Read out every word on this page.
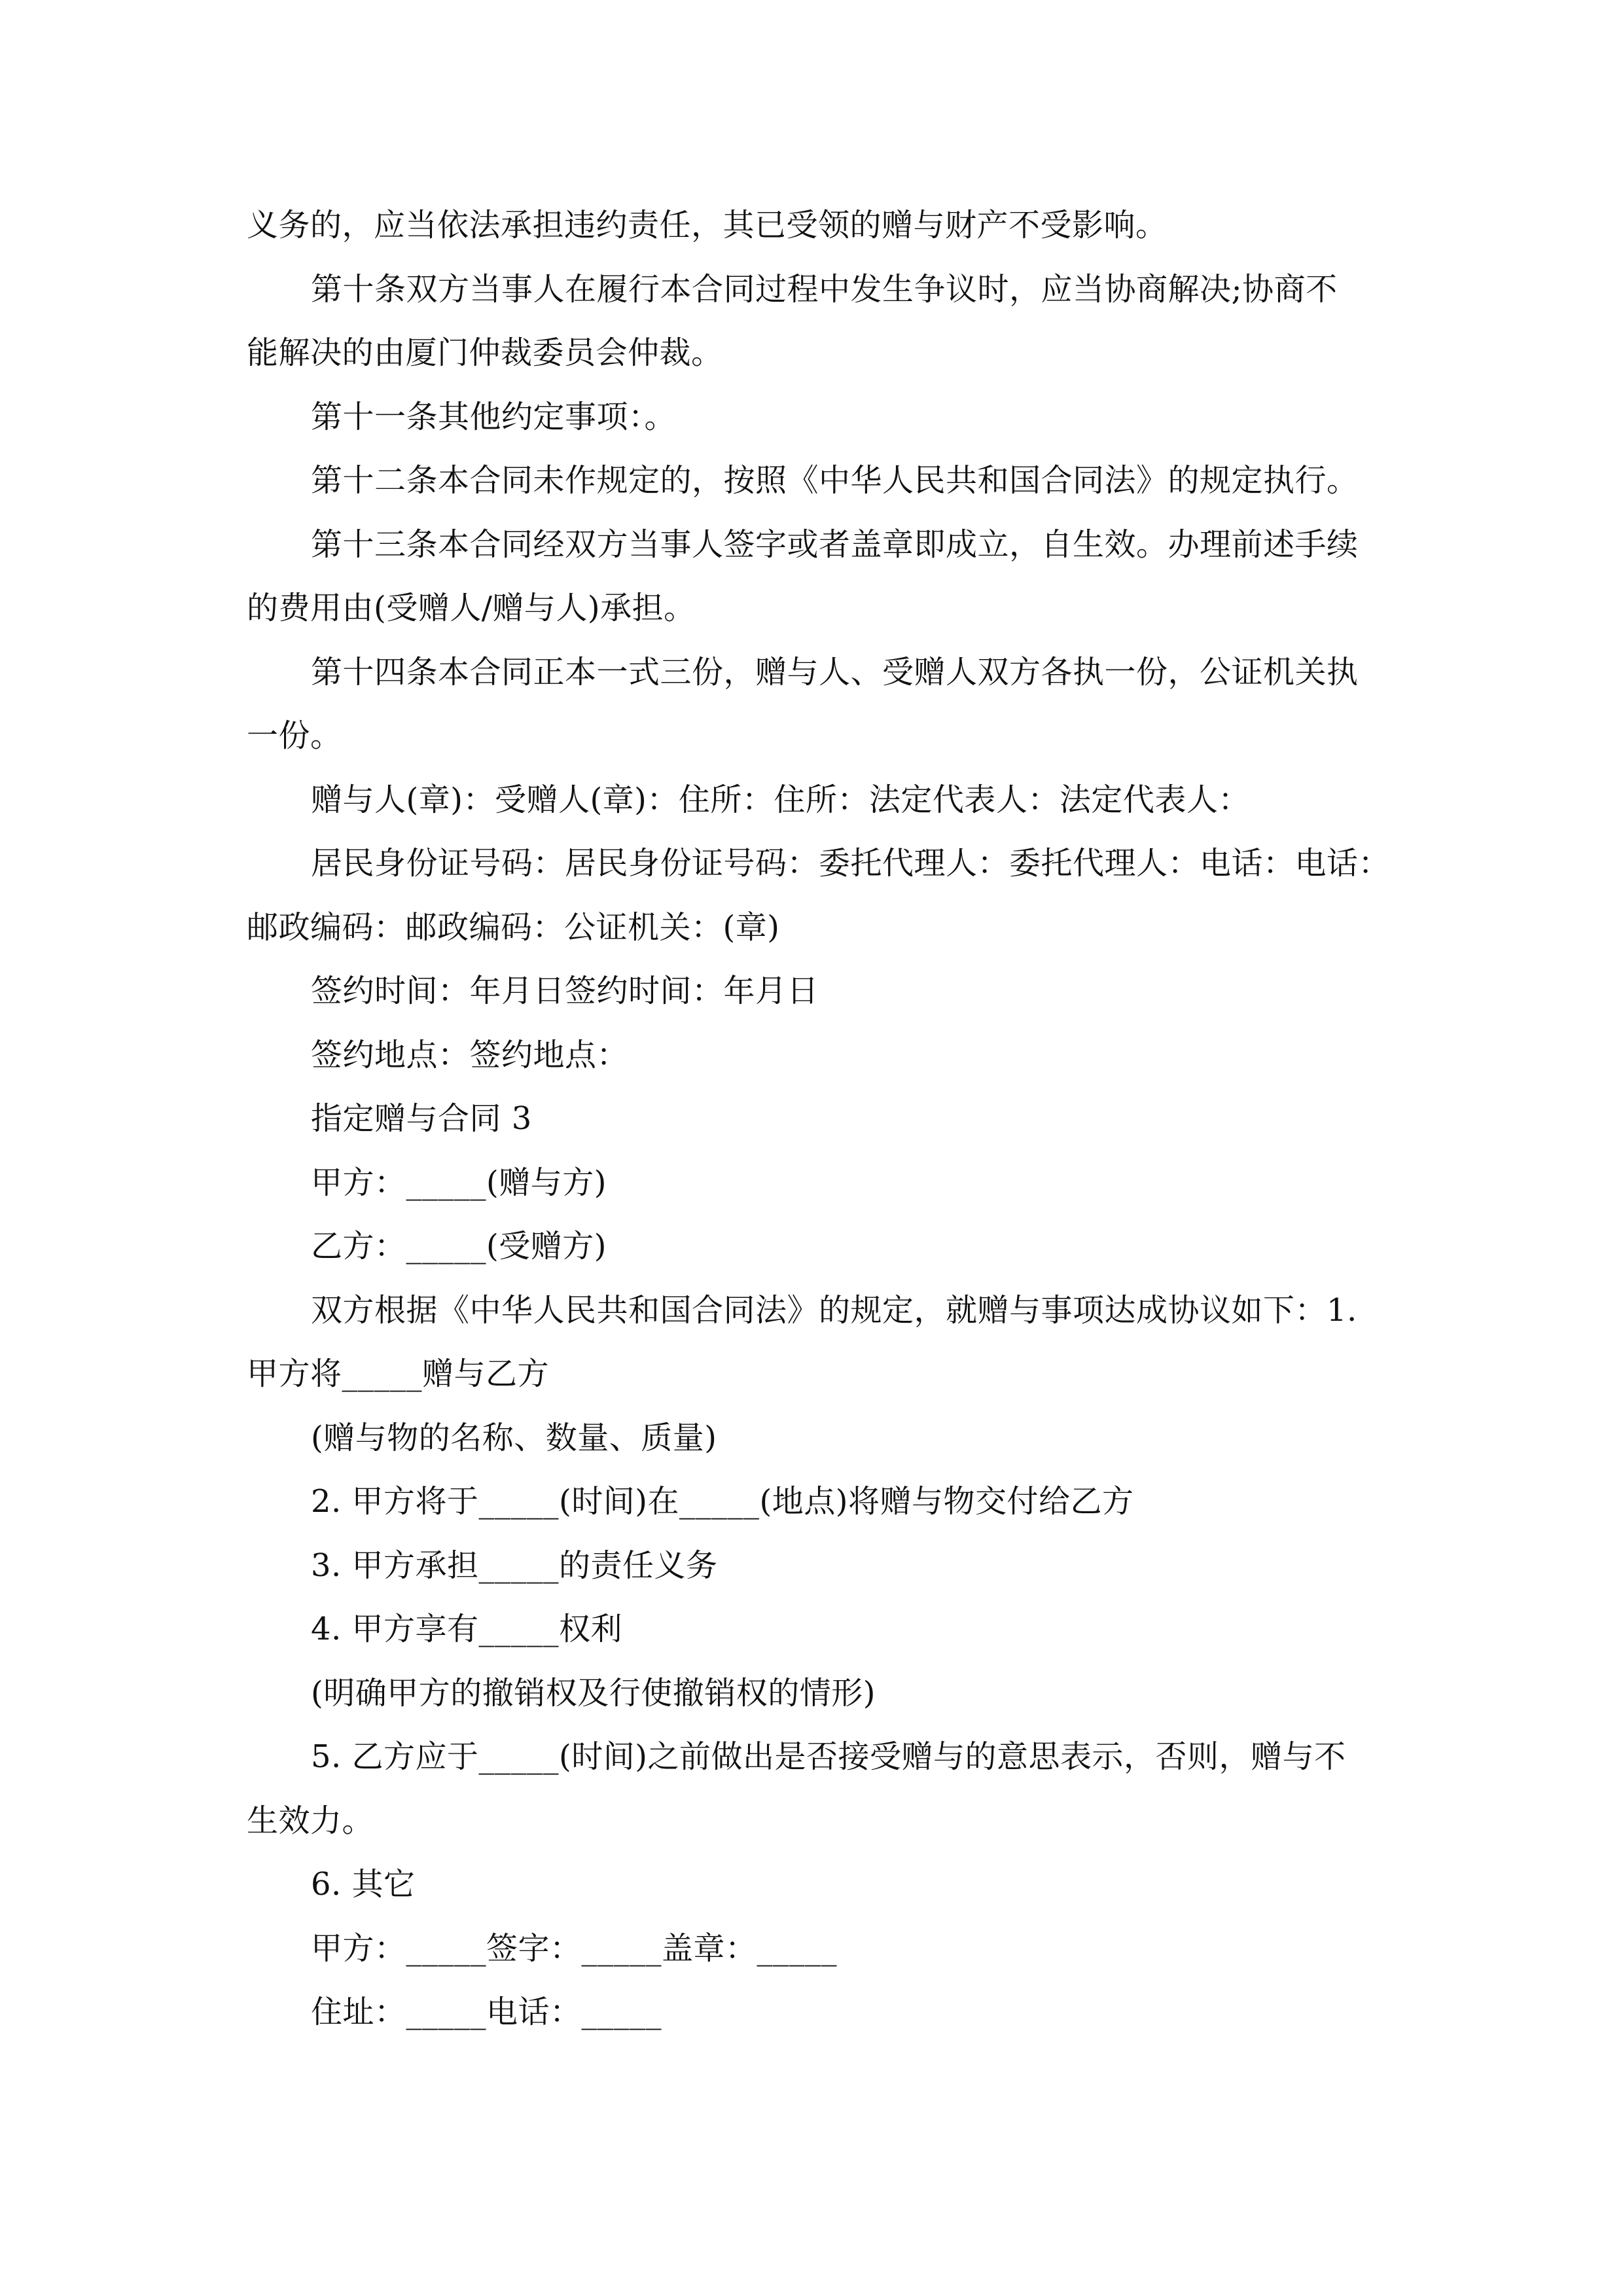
义务的，应当依法承担违约责任，其已受领的赠与财产不受影响。
第十条双方当事人在履行本合同过程中发生争议时，应当协商解决;协商不
能解决的由厦门仲裁委员会仲裁。
第十一条其他约定事项：。
第十二条本合同未作规定的，按照《中华人民共和国合同法》的规定执行。
第十三条本合同经双方当事人签字或者盖章即成立，自生效。办理前述手续
的费用由(受赠人/赠与人)承担。
第十四条本合同正本一式三份，赠与人、受赠人双方各执一份，公证机关执
一份。
赠与人(章)：受赠人(章)：住所：住所：法定代表人：法定代表人：
居民身份证号码：居民身份证号码：委托代理人：委托代理人：电话：电话：
邮政编码：邮政编码：公证机关：(章)
签约时间：年月日签约时间：年月日
签约地点：签约地点：
指定赠与合同 3
甲方：_____(赠与方)
乙方：_____(受赠方)
双方根据《中华人民共和国合同法》的规定，就赠与事项达成协议如下：1.
甲方将_____赠与乙方
(赠与物的名称、数量、质量)
2. 甲方将于_____(时间)在_____(地点)将赠与物交付给乙方
3. 甲方承担_____的责任义务
4. 甲方享有_____权利
(明确甲方的撤销权及行使撤销权的情形)
5. 乙方应于_____(时间)之前做出是否接受赠与的意思表示，否则，赠与不
生效力。
6. 其它
甲方：_____签字：_____盖章：_____
住址：_____电话：_____
